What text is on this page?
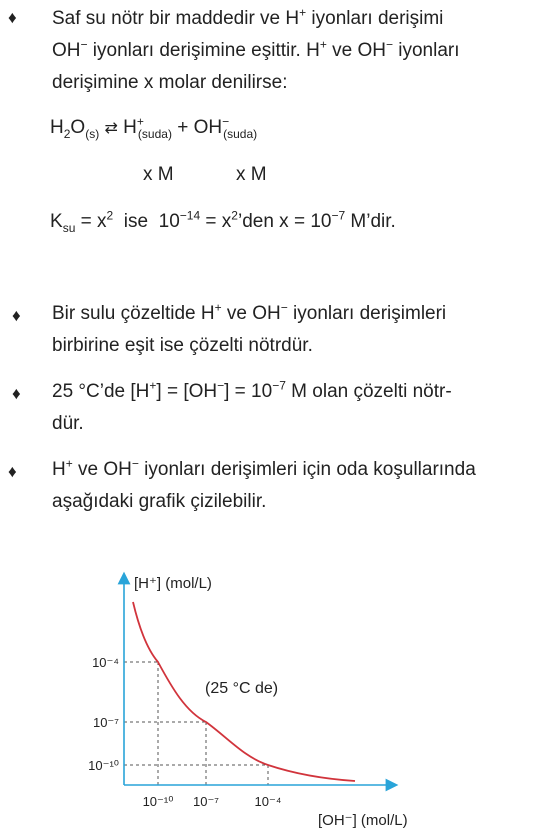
♦ Saf su nötr bir maddedir ve H+ iyonları derişimi
OH− iyonları derişimine eşittir. H+ ve OH− iyonları
derişimine x molar denilirse:
$H_2O_{(s)}$ ⇄ $H^+_{(suda)} + OH^-_{(suda)}$
x M	x M
$K_{su} = x^2$  ise  $10^{-14}$ = $x^2’den$ $x = 10^{-7}$ M’dir.
♦ Bir sulu çözeltide H+ ve OH− iyonları derişimleri
birbirine eşit ise çözelti nötrdür.
♦ 25 °C’de $[H^+] = [OH^-] = 10^{-7}$ M olan çözelti nötr-
dür.
♦ H+ ve OH− iyonları derişimleri için oda koşullarında
aşağıdaki grafik çizilebilir.
10⁻¹⁰ 10⁻⁷	10⁻⁴
10⁻⁴
10⁻⁷
10⁻¹⁰
[H⁺] (mol/L)
[OH⁻] (mol/L)
(25 °C de)
